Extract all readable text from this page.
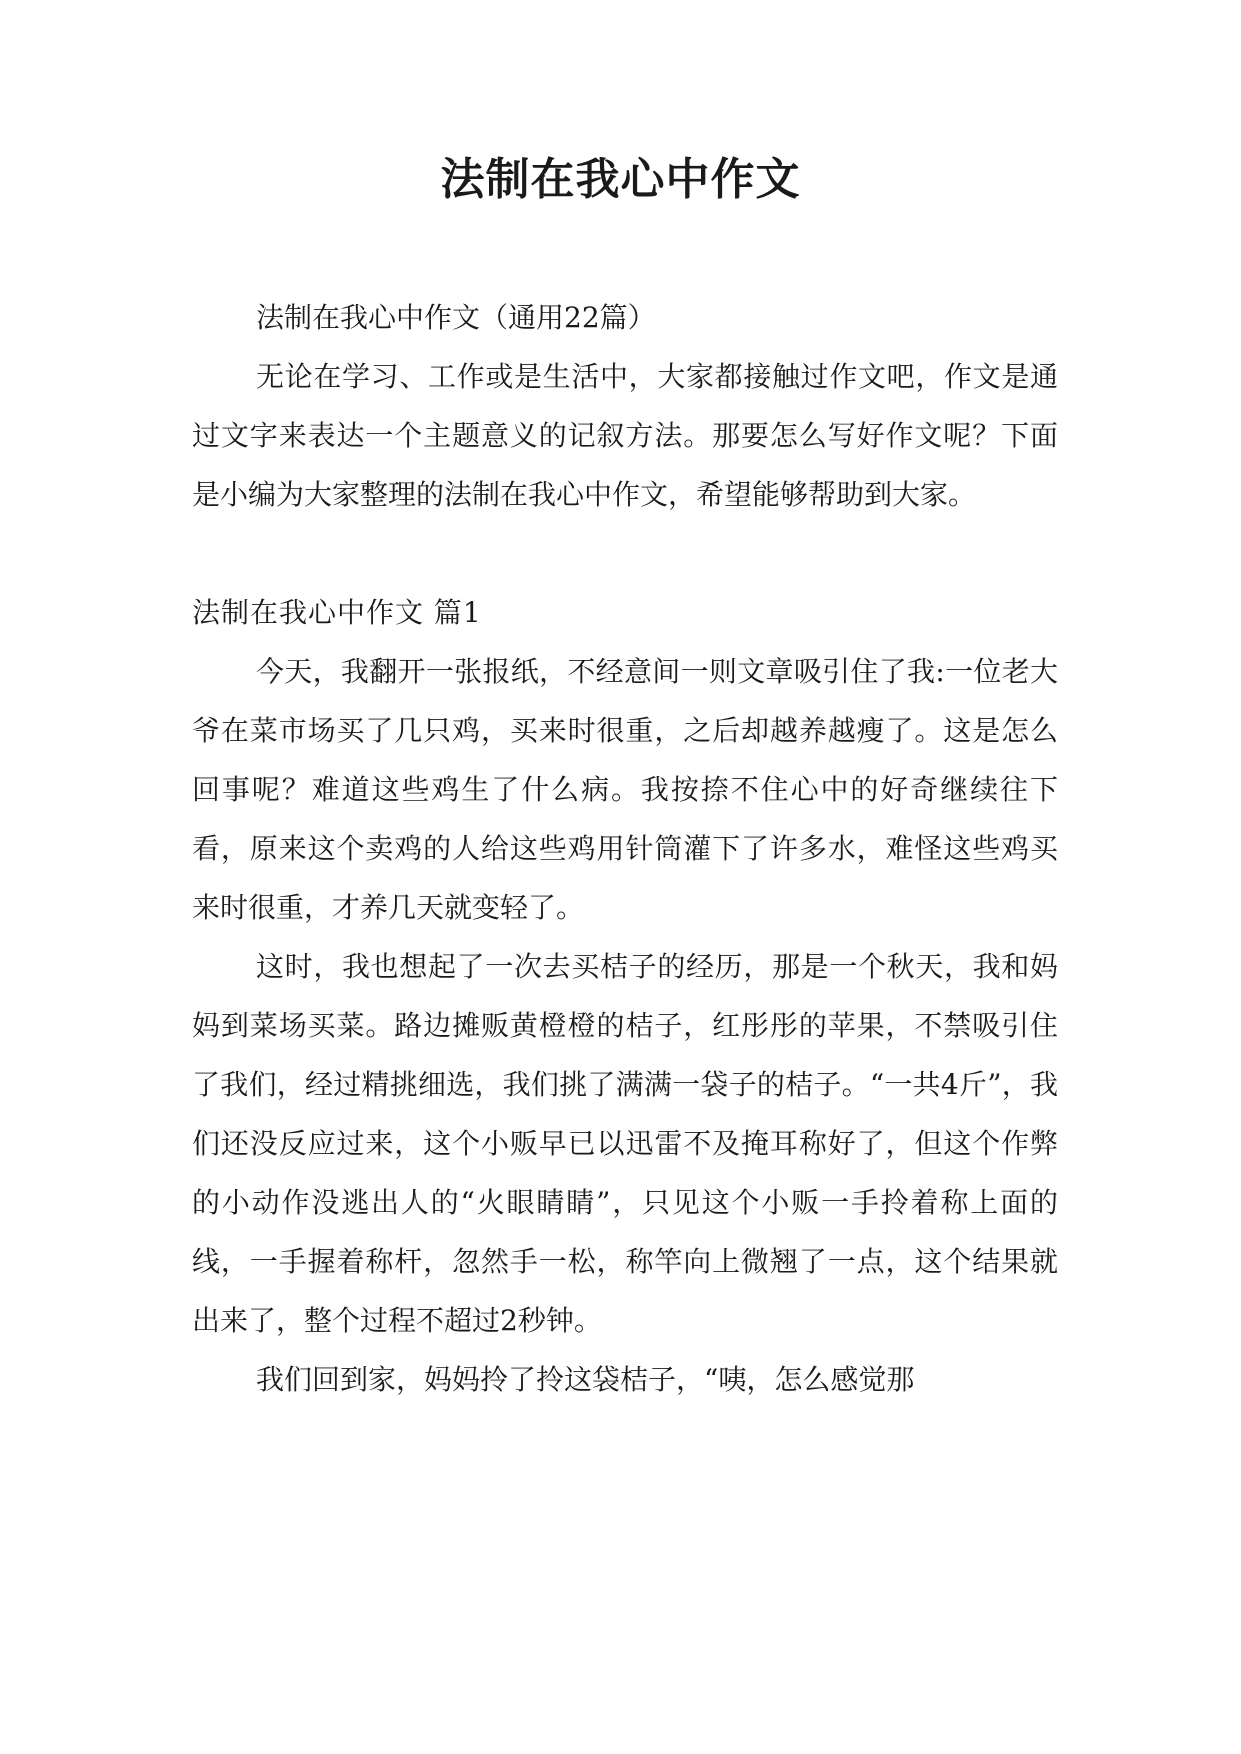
法制在我心中作文

法制在我心中作文（通用22篇）

无论在学习、工作或是生活中，大家都接触过作文吧，作文是通过文字来表达一个主题意义的记叙方法。那要怎么写好作文呢？下面是小编为大家整理的法制在我心中作文，希望能够帮助到大家。

法制在我心中作文 篇1

今天，我翻开一张报纸，不经意间一则文章吸引住了我:一位老大爷在菜市场买了几只鸡，买来时很重，之后却越养越瘦了。这是怎么回事呢？难道这些鸡生了什么病。我按捺不住心中的好奇继续往下看，原来这个卖鸡的人给这些鸡用针筒灌下了许多水，难怪这些鸡买来时很重，才养几天就变轻了。

这时，我也想起了一次去买桔子的经历，那是一个秋天，我和妈妈到菜场买菜。路边摊贩黄橙橙的桔子，红彤彤的苹果，不禁吸引住了我们，经过精挑细选，我们挑了满满一袋子的桔子。“一共4斤”，我们还没反应过来，这个小贩早已以迅雷不及掩耳称好了，但这个作弊的小动作没逃出人的“火眼睛睛”，只见这个小贩一手拎着称上面的线，一手握着称杆，忽然手一松，称竿向上微翘了一点，这个结果就出来了，整个过程不超过2秒钟。

我们回到家，妈妈拎了拎这袋桔子，“咦，怎么感觉那
